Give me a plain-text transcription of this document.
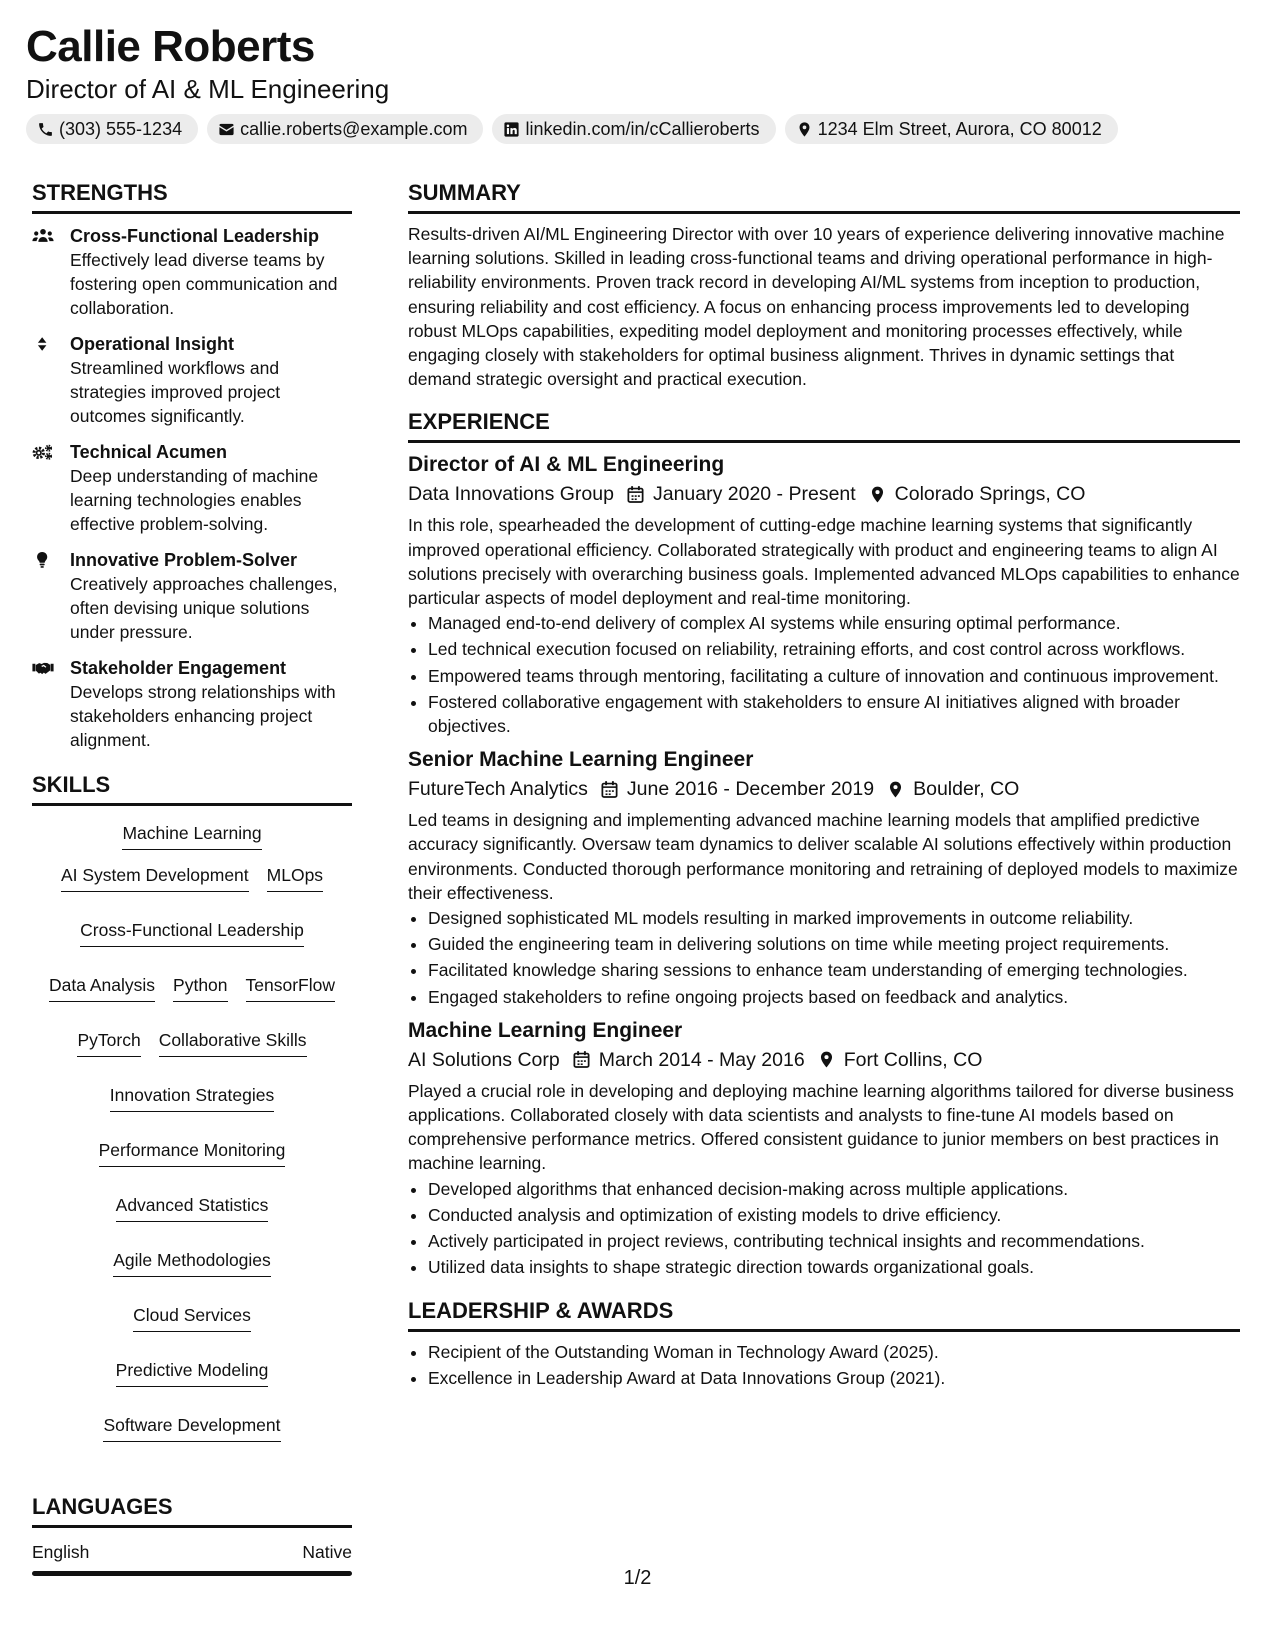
Callie Roberts
Director of AI & ML Engineering
(303) 555-1234	callie.roberts@example.com	linkedin.com/in/cCallieroberts	1234 Elm Street, Aurora, CO 80012
STRENGTHS
Cross-Functional Leadership
Effectively lead diverse teams by fostering open communication and collaboration.
Operational Insight
Streamlined workflows and strategies improved project outcomes significantly.
Technical Acumen
Deep understanding of machine learning technologies enables effective problem-solving.
Innovative Problem-Solver
Creatively approaches challenges, often devising unique solutions under pressure.
Stakeholder Engagement
Develops strong relationships with stakeholders enhancing project alignment.
SKILLS
Machine Learning
AI System Development MLOps
Cross-Functional Leadership
Data Analysis Python TensorFlow
PyTorch Collaborative Skills
Innovation Strategies
Performance Monitoring
Advanced Statistics
Agile Methodologies
Cloud Services
Predictive Modeling
Software Development
LANGUAGES
English	Native
SUMMARY

Results-driven AI/ML Engineering Director with over 10 years of experience delivering innovative machine learning solutions. Skilled in leading cross-functional teams and driving operational performance in high-reliability environments. Proven track record in developing AI/ML systems from inception to production, ensuring reliability and cost efficiency. A focus on enhancing process improvements led to developing robust MLOps capabilities, expediting model deployment and monitoring processes effectively, while engaging closely with stakeholders for optimal business alignment. Thrives in dynamic settings that demand strategic oversight and practical execution.

EXPERIENCE
Director of AI & ML Engineering
Data Innovations Group January 2020 - Present Colorado Springs, CO

In this role, spearheaded the development of cutting-edge machine learning systems that significantly improved operational efficiency. Collaborated strategically with product and engineering teams to align AI solutions precisely with overarching business goals. Implemented advanced MLOps capabilities to enhance particular aspects of model deployment and real-time monitoring.

• Managed end-to-end delivery of complex AI systems while ensuring optimal performance.
• Led technical execution focused on reliability, retraining efforts, and cost control across workflows.
• Empowered teams through mentoring, facilitating a culture of innovation and continuous improvement.
• Fostered collaborative engagement with stakeholders to ensure AI initiatives aligned with broader objectives.
Senior Machine Learning Engineer
FutureTech Analytics June 2016 - December 2019 Boulder, CO

Led teams in designing and implementing advanced machine learning models that amplified predictive accuracy significantly. Oversaw team dynamics to deliver scalable AI solutions effectively within production environments. Conducted thorough performance monitoring and retraining of deployed models to maximize their effectiveness.

• Designed sophisticated ML models resulting in marked improvements in outcome reliability.
• Guided the engineering team in delivering solutions on time while meeting project requirements.
• Facilitated knowledge sharing sessions to enhance team understanding of emerging technologies.
• Engaged stakeholders to refine ongoing projects based on feedback and analytics.
Machine Learning Engineer
AI Solutions Corp March 2014 - May 2016 Fort Collins, CO

Played a crucial role in developing and deploying machine learning algorithms tailored for diverse business applications. Collaborated closely with data scientists and analysts to fine-tune AI models based on comprehensive performance metrics. Offered consistent guidance to junior members on best practices in machine learning.

• Developed algorithms that enhanced decision-making across multiple applications.
• Conducted analysis and optimization of existing models to drive efficiency.
• Actively participated in project reviews, contributing technical insights and recommendations.
• Utilized data insights to shape strategic direction towards organizational goals.
LEADERSHIP & AWARDS
• Recipient of the Outstanding Woman in Technology Award (2025).
• Excellence in Leadership Award at Data Innovations Group (2021).
1/2
